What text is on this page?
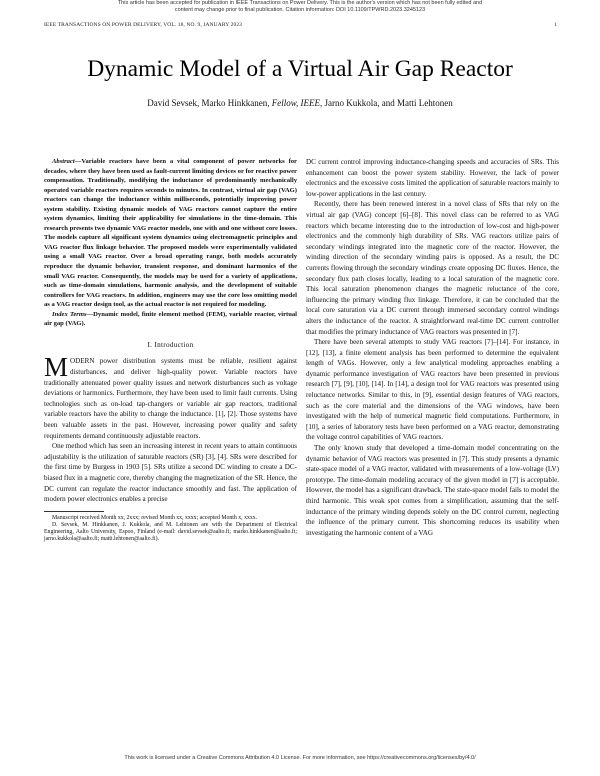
This article has been accepted for publication in IEEE Transactions on Power Delivery. This is the author's version which has not been fully edited and
content may change prior to final publication. Citation information: DOI 10.1109/TPWRD.2023.3245123
IEEE TRANSACTIONS ON POWER DELIVERY, VOL. 18, NO. 9, JANUARY 2023	1
Dynamic Model of a Virtual Air Gap Reactor
David Sevsek, Marko Hinkkanen, Fellow, IEEE, Jarno Kukkola, and Matti Lehtonen

Abstract—Variable reactors have been a vital component of power networks for decades, where they have been used as fault-current limiting devices or for reactive power compensation. Traditionally, modifying the inductance of predominantly mechanically operated variable reactors requires seconds to minutes. In contrast, virtual air gap (VAG) reactors can change the inductance within milliseconds, potentially improving power system stability. Existing dynamic models of VAG reactors cannot capture the entire system dynamics, limiting their applicability for simulations in the time-domain. This research presents two dynamic VAG reactor models, one with and one without core losses. The models capture all significant system dynamics using electromagnetic principles and VAG reactor flux linkage behavior. The proposed models were experimentally validated using a small VAG reactor. Over a broad operating range, both models accurately reproduce the dynamic behavior, transient response, and dominant harmonics of the small VAG reactor. Consequently, the models may be used for a variety of applications, such as time-domain simulations, harmonic analysis, and the development of suitable controllers for VAG reactors. In addition, engineers may use the core loss omitting model as a VAG reactor design tool, as the actual reactor is not required for modeling.

Index Terms—Dynamic model, finite element method (FEM), variable reactor, virtual air gap (VAG).

I. Introduction

MODERN power distribution systems must be reliable, resilient against disturbances, and deliver high-quality power. Variable reactors have traditionally attenuated power quality issues and network disturbances such as voltage deviations or harmonics. Furthermore, they have been used to limit fault currents. Using technologies such as on-load tap-changers or variable air gap reactors, traditional variable reactors have the ability to change the inductance. [1], [2]. Those systems have been valuable assets in the past. However, increasing power quality and safety requirements demand continuously adjustable reactors.

One method which has seen an increasing interest in recent years to attain continuous adjustability is the utilization of saturable reactors (SR) [3], [4]. SRs were described for the first time by Burgess in 1903 [5]. SRs utilize a second DC winding to create a DC-biased flux in a magnetic core, thereby changing the magnetization of the SR. Hence, the DC current can regulate the reactor inductance smoothly and fast. The application of modern power electronics enables a precise

Manuscript received Month xx, 2xxx; revised Month xx, xxxx; accepted Month x, xxxx.

D. Sevsek, M. Hinkkanen, J. Kukkola, and M. Lehtonen are with the Department of Electrical Engineering, Aalto University, Espoo, Finland (e-mail: david.sevsek@aalto.fi; marko.hinkkanen@aalto.fi; jarno.kukkola@aalto.fi; matti.lehtonen@aalto.fi).

DC current control improving inductance-changing speeds and accuracies of SRs. This enhancement can boost the power system stability. However, the lack of power electronics and the excessive costs limited the application of saturable reactors mainly to low-power applications in the last century.

Recently, there has been renewed interest in a novel class of SRs that rely on the virtual air gap (VAG) concept [6]–[8]. This novel class can be referred to as VAG reactors which became interesting due to the introduction of low-cost and high-power electronics and the commonly high durability of SRs. VAG reactors utilize pairs of secondary windings integrated into the magnetic core of the reactor. However, the winding direction of the secondary winding pairs is opposed. As a result, the DC currents flowing through the secondary windings create opposing DC fluxes. Hence, the secondary flux path closes locally, leading to a local saturation of the magnetic core. This local saturation phenomenon changes the magnetic reluctance of the core, influencing the primary winding flux linkage. Therefore, it can be concluded that the local core saturation via a DC current through immersed secondary control windings alters the inductance of the reactor. A straightforward real-time DC current controller that modifies the primary inductance of VAG reactors was presented in [7].

There have been several attempts to study VAG reactors [7]–[14]. For instance, in [12], [13], a finite element analysis has been performed to determine the equivalent length of VAGs. However, only a few analytical modeling approaches enabling a dynamic performance investigation of VAG reactors have been presented in previous research [7], [9], [10], [14]. In [14], a design tool for VAG reactors was presented using reluctance networks. Similar to this, in [9], essential design features of VAG reactors, such as the core material and the dimensions of the VAG windows, have been investigated with the help of numerical magnetic field computations. Furthermore, in [10], a series of laboratory tests have been performed on a VAG reactor, demonstrating the voltage control capabilities of VAG reactors.

The only known study that developed a time-domain model concentrating on the dynamic behavior of VAG reactors was presented in [7]. This study presents a dynamic state-space model of a VAG reactor, validated with measurements of a low-voltage (LV) prototype. The time-domain modeling accuracy of the given model in [7] is acceptable. However, the model has a significant drawback. The state-space model fails to model the third harmonic. This weak spot comes from a simplification, assuming that the self-inductance of the primary winding depends solely on the DC control current, neglecting the influence of the primary current. This shortcoming reduces its usability when investigating the harmonic content of a VAG

This work is licensed under a Creative Commons Attribution 4.0 License. For more information, see https://creativecommons.org/licenses/by/4.0/
